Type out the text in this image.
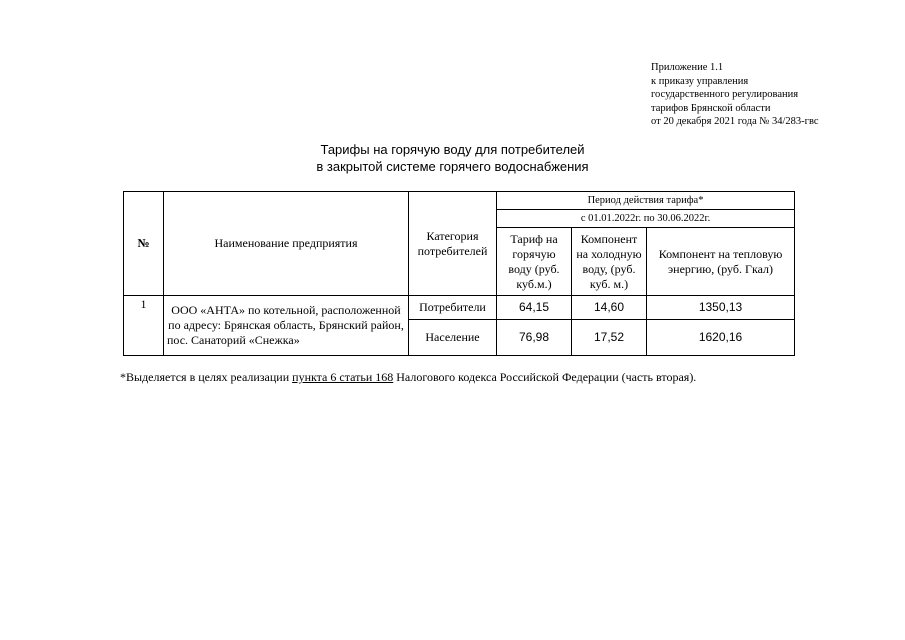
Приложение 1.1
к приказу управления
государственного регулирования
тарифов Брянской области
от 20 декабря 2021 года № 34/283-гвс
Тарифы на горячую воду для потребителей
в закрытой системе горячего водоснабжения
№	Наименование предприятия	Категория потребителей	Период действия тарифа*		
			с 01.01.2022г. по 30.06.2022г.		
			Тариф на горячую воду (руб. куб.м.)	Компонент на холодную воду, (руб. куб. м.)	Компонент на тепловую энергию, (руб. Гкал)
1	ООО «АНТА» по котельной, расположенной по адресу: Брянская область, Брянский район, пос. Санаторий «Снежка»	Потребители	64,15	14,60	1350,13
		Население	76,98	17,52	1620,16
*Выделяется в целях реализации пункта 6 статьи 168 Налогового кодекса Российской Федерации (часть вторая).
